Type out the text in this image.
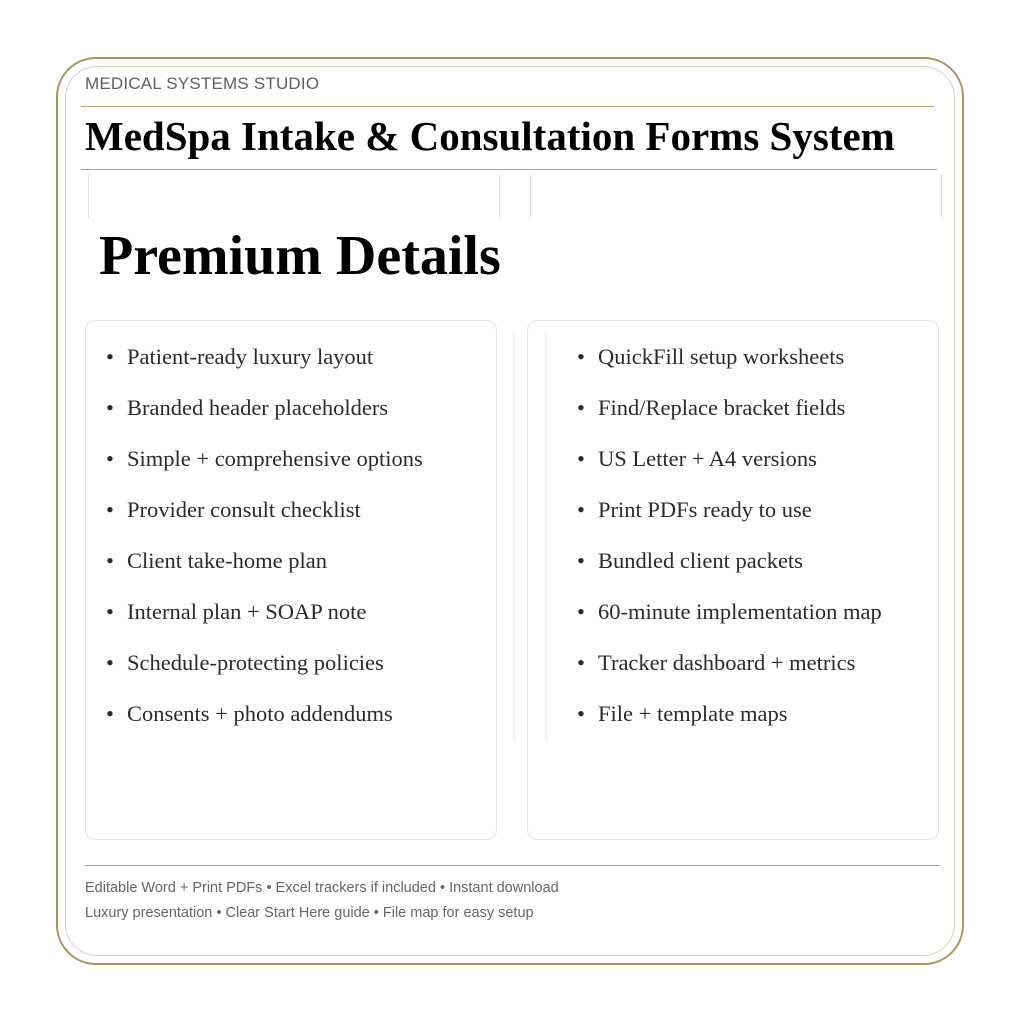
MEDICAL SYSTEMS STUDIO
MedSpa Intake & Consultation Forms System
Premium Details
• Patient-ready luxury layout
• Branded header placeholders
• Simple + comprehensive options
• Provider consult checklist
• Client take-home plan
• Internal plan + SOAP note
• Schedule-protecting policies
• Consents + photo addendums
• QuickFill setup worksheets
• Find/Replace bracket fields
• US Letter + A4 versions
• Print PDFs ready to use
• Bundled client packets
• 60-minute implementation map
• Tracker dashboard + metrics
• File + template maps
Editable Word + Print PDFs • Excel trackers if included • Instant download
Luxury presentation • Clear Start Here guide • File map for easy setup
